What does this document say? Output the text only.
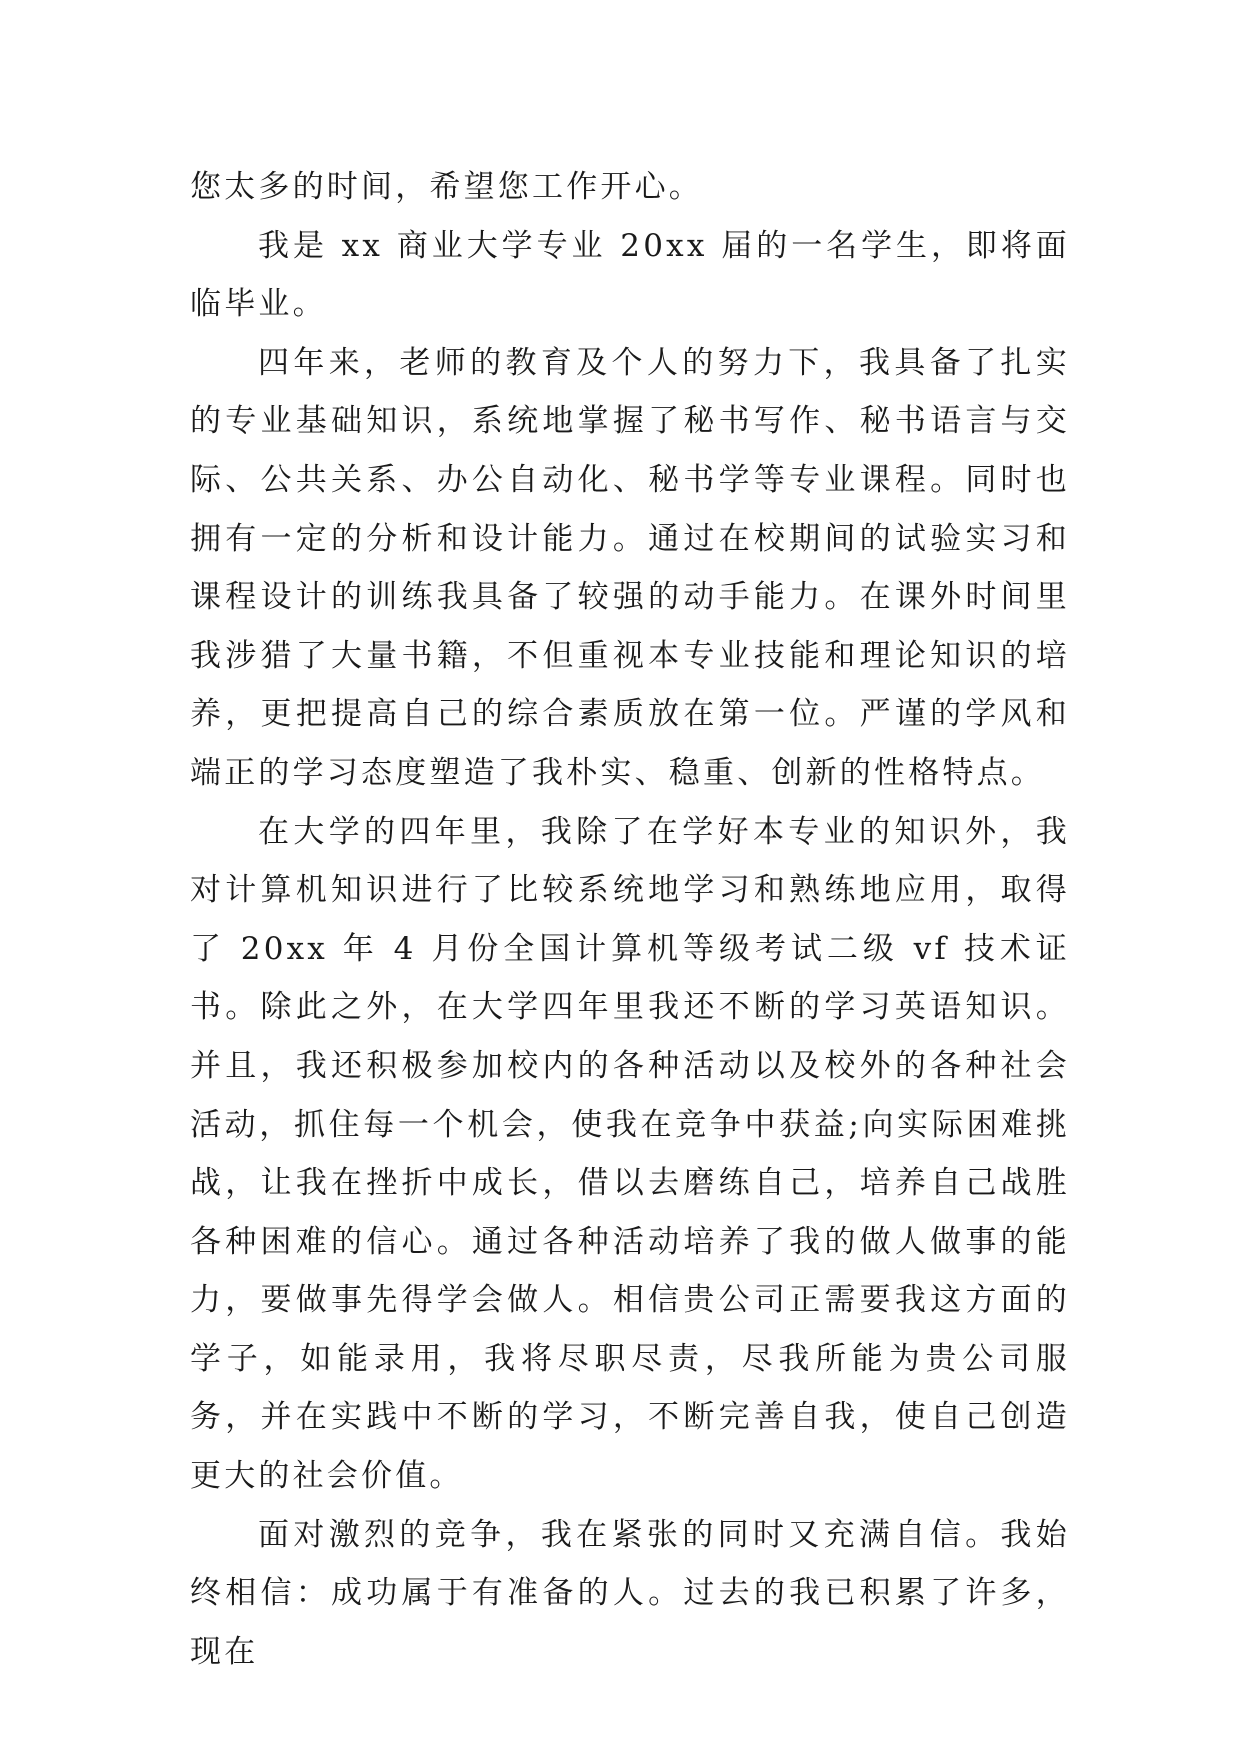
您太多的时间，希望您工作开心。

我是 xx 商业大学专业 20xx 届的一名学生，即将面临毕业。

四年来，老师的教育及个人的努力下，我具备了扎实的专业基础知识，系统地掌握了秘书写作、秘书语言与交际、公共关系、办公自动化、秘书学等专业课程。同时也拥有一定的分析和设计能力。通过在校期间的试验实习和课程设计的训练我具备了较强的动手能力。在课外时间里我涉猎了大量书籍，不但重视本专业技能和理论知识的培养，更把提高自己的综合素质放在第一位。严谨的学风和端正的学习态度塑造了我朴实、稳重、创新的性格特点。

在大学的四年里，我除了在学好本专业的知识外，我对计算机知识进行了比较系统地学习和熟练地应用，取得了 20xx 年 4 月份全国计算机等级考试二级 vf 技术证书。除此之外，在大学四年里我还不断的学习英语知识。并且，我还积极参加校内的各种活动以及校外的各种社会活动，抓住每一个机会，使我在竞争中获益;向实际困难挑战，让我在挫折中成长，借以去磨练自己，培养自己战胜各种困难的信心。通过各种活动培养了我的做人做事的能力，要做事先得学会做人。相信贵公司正需要我这方面的学子，如能录用，我将尽职尽责，尽我所能为贵公司服务，并在实践中不断的学习，不断完善自我，使自己创造更大的社会价值。

面对激烈的竞争，我在紧张的同时又充满自信。我始终相信：成功属于有准备的人。过去的我已积累了许多，现在
